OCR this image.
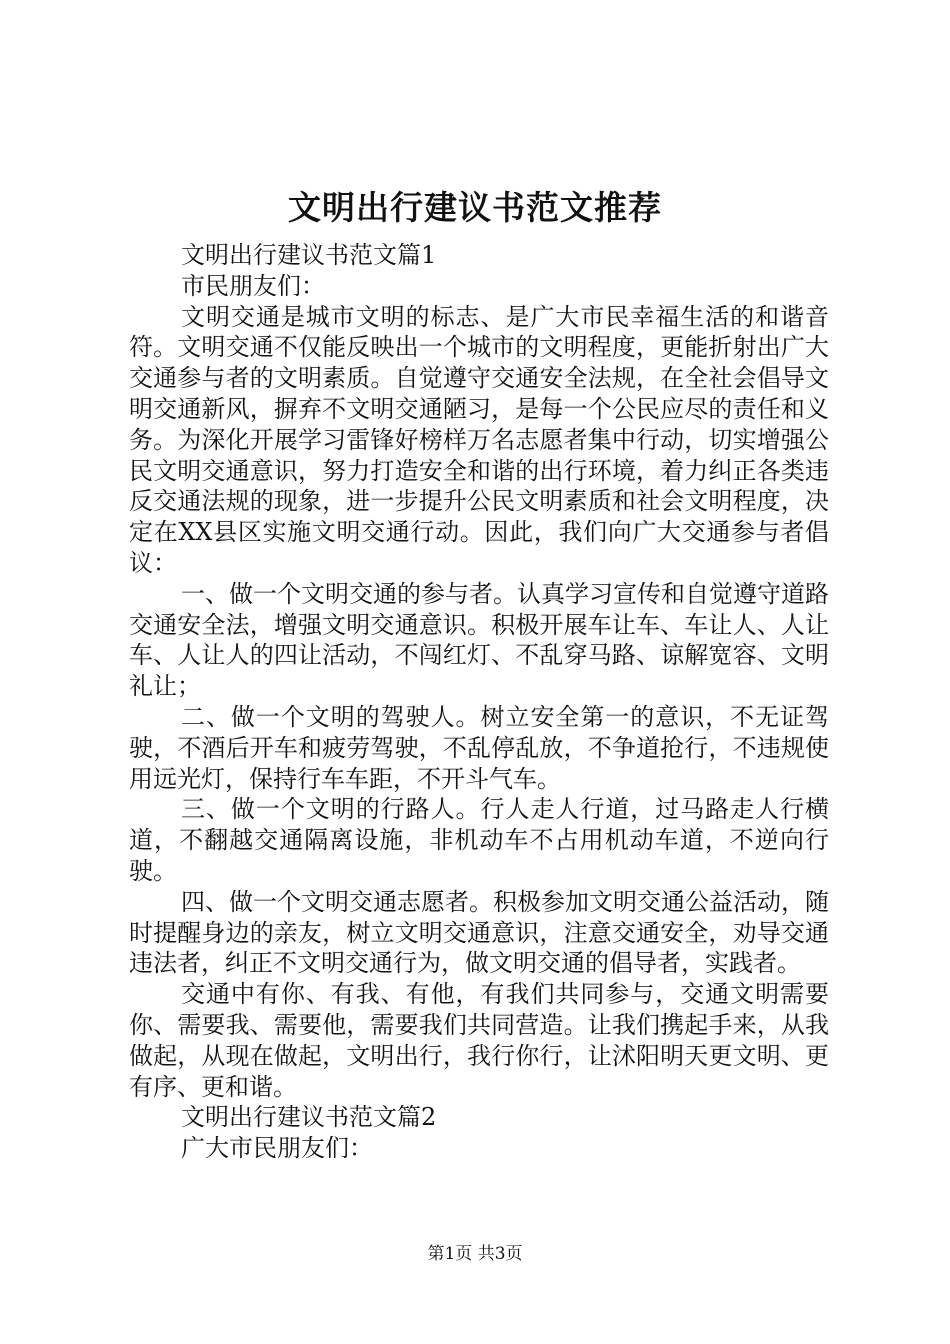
文明出行建议书范文推荐

文明出行建议书范文篇1

市民朋友们：

文明交通是城市文明的标志、是广大市民幸福生活的和谐音符。文明交通不仅能反映出一个城市的文明程度，更能折射出广大交通参与者的文明素质。自觉遵守交通安全法规，在全社会倡导文明交通新风，摒弃不文明交通陋习，是每一个公民应尽的责任和义务。为深化开展学习雷锋好榜样万名志愿者集中行动，切实增强公民文明交通意识，努力打造安全和谐的出行环境，着力纠正各类违反交通法规的现象，进一步提升公民文明素质和社会文明程度，决定在XX县区实施文明交通行动。因此，我们向广大交通参与者倡议：

一、做一个文明交通的参与者。认真学习宣传和自觉遵守道路交通安全法，增强文明交通意识。积极开展车让车、车让人、人让车、人让人的四让活动，不闯红灯、不乱穿马路、谅解宽容、文明礼让；

二、做一个文明的驾驶人。树立安全第一的意识，不无证驾驶，不酒后开车和疲劳驾驶，不乱停乱放，不争道抢行，不违规使用远光灯，保持行车车距，不开斗气车。

三、做一个文明的行路人。行人走人行道，过马路走人行横道，不翻越交通隔离设施，非机动车不占用机动车道，不逆向行驶。

四、做一个文明交通志愿者。积极参加文明交通公益活动，随时提醒身边的亲友，树立文明交通意识，注意交通安全，劝导交通违法者，纠正不文明交通行为，做文明交通的倡导者，实践者。

交通中有你、有我、有他，有我们共同参与，交通文明需要你、需要我、需要他，需要我们共同营造。让我们携起手来，从我做起，从现在做起，文明出行，我行你行，让沭阳明天更文明、更有序、更和谐。

文明出行建议书范文篇2

广大市民朋友们：

第1页 共3页
